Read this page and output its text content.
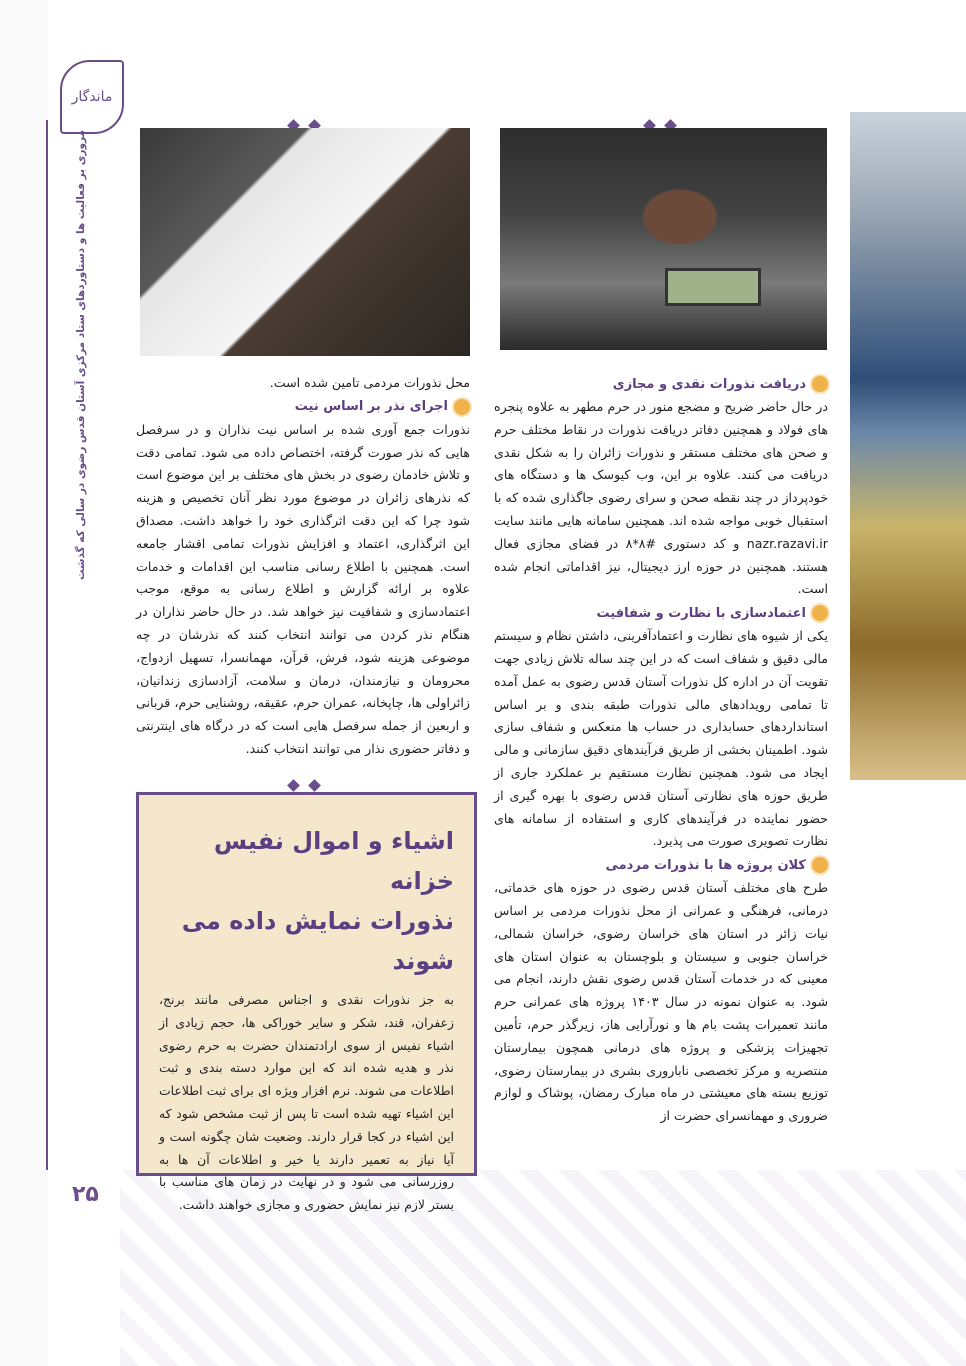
ماندگار
مروری بر فعالیت ها و دستاوردهای ستاد مرکزی آستان قدس رضوی در سالی که گذشت
۲۵
دریافت نذورات نقدی و مجازی

در حال حاضر ضریح و مضجع منور در حرم مطهر به علاوه پنجره های فولاد و همچنین دفاتر دریافت نذورات در نقاط مختلف حرم و صحن های مختلف مستقر و نذورات زائران را به شکل نقدی دریافت می کنند. علاوه بر این، وب کیوسک ها و دستگاه های خودپرداز در چند نقطه صحن و سرای رضوی جاگذاری شده که با استقبال خوبی مواجه شده اند. همچنین سامانه هایی مانند سایت nazr.razavi.ir و کد دستوری #۸*۸ در فضای مجازی فعال هستند. همچنین در حوزه ارز دیجیتال، نیز اقداماتی انجام شده است.

اعتمادسازی با نظارت و شفافیت

یکی از شیوه های نظارت و اعتمادآفرینی، داشتن نظام و سیستم مالی دقیق و شفاف است که در این چند ساله تلاش زیادی جهت تقویت آن در اداره کل نذورات آستان قدس رضوی به عمل آمده تا تمامی رویدادهای مالی نذورات طبقه بندی و بر اساس استانداردهای حسابداری در حساب ها منعکس و شفاف سازی شود. اطمینان بخشی از طریق فرآیندهای دقیق سازمانی و مالی ایجاد می شود. همچنین نظارت مستقیم بر عملکرد جاری از طریق حوزه های نظارتی آستان قدس رضوی با بهره گیری از حضور نماینده در فرآیندهای کاری و استفاده از سامانه های نظارت تصویری صورت می پذیرد.

کلان پروژه ها با نذورات مردمی

طرح های مختلف آستان قدس رضوی در حوزه های خدماتی، درمانی، فرهنگی و عمرانی از محل نذورات مردمی بر اساس نیات زائر در استان های خراسان رضوی، خراسان شمالی، خراسان جنوبی و سیستان و بلوچستان به عنوان استان های معینی که در خدمات آستان قدس رضوی نقش دارند، انجام می شود. به عنوان نمونه در سال ۱۴۰۳ پروژه های عمرانی حرم مانند تعمیرات پشت بام ها و نورآرایی هاز، زیرگذر حرم، تأمین تجهیزات پزشکی و پروژه های درمانی همچون بیمارستان منتصریه و مرکز تخصصی ناباروری بشری در بیمارستان رضوی، توزیع بسته های معیشتی در ماه مبارک رمضان، پوشاک و لوازم ضروری و مهمانسرای حضرت از

محل نذورات مردمی تامین شده است.

اجرای نذر بر اساس نیت

نذورات جمع آوری شده بر اساس نیت نذاران و در سرفصل هایی که نذر صورت گرفته، اختصاص داده می شود. تمامی دقت و تلاش خادمان رضوی در بخش های مختلف بر این موضوع است که نذرهای زائران در موضوع مورد نظر آنان تخصیص و هزینه شود چرا که این دقت اثرگذاری خود را خواهد داشت. مصداق این اثرگذاری، اعتماد و افزایش نذورات تمامی اقشار جامعه است. همچنین با اطلاع رسانی مناسب این اقدامات و خدمات علاوه بر ارائه گزارش و اطلاع رسانی به موقع، موجب اعتمادسازی و شفافیت نیز خواهد شد. در حال حاضر نذاران در هنگام نذر کردن می توانند انتخاب کنند که نذرشان در چه موضوعی هزینه شود، فرش، قرآن، مهمانسرا، تسهیل ازدواج، محرومان و نیازمندان، درمان و سلامت، آزادسازی زندانیان، زائراولی ها، چاپخانه، عمران حرم، عقیقه، روشنایی حرم، قربانی و اربعین از جمله سرفصل هایی است که در درگاه های اینترنتی و دفاتر حضوری نذار می توانند انتخاب کنند.

اشیاء و اموال نفیس خزانه
نذورات نمایش داده می شوند

به جز نذورات نقدی و اجناس مصرفی مانند برنج، زعفران، قند، شکر و سایر خوراکی ها، حجم زیادی از اشیاء نفیس از سوی ارادتمندان حضرت به حرم رضوی نذر و هدیه شده اند که این موارد دسته بندی و ثبت اطلاعات می شوند. نرم افزار ویژه ای برای ثبت اطلاعات این اشیاء تهیه شده است تا پس از ثبت مشخص شود که این اشیاء در کجا قرار دارند. وضعیت شان چگونه است و آیا نیاز به تعمیر دارند یا خیر و اطلاعات آن ها به روزرسانی می شود و در نهایت در زمان های مناسب با بستر لازم نیز نمایش حضوری و مجازی خواهند داشت.
